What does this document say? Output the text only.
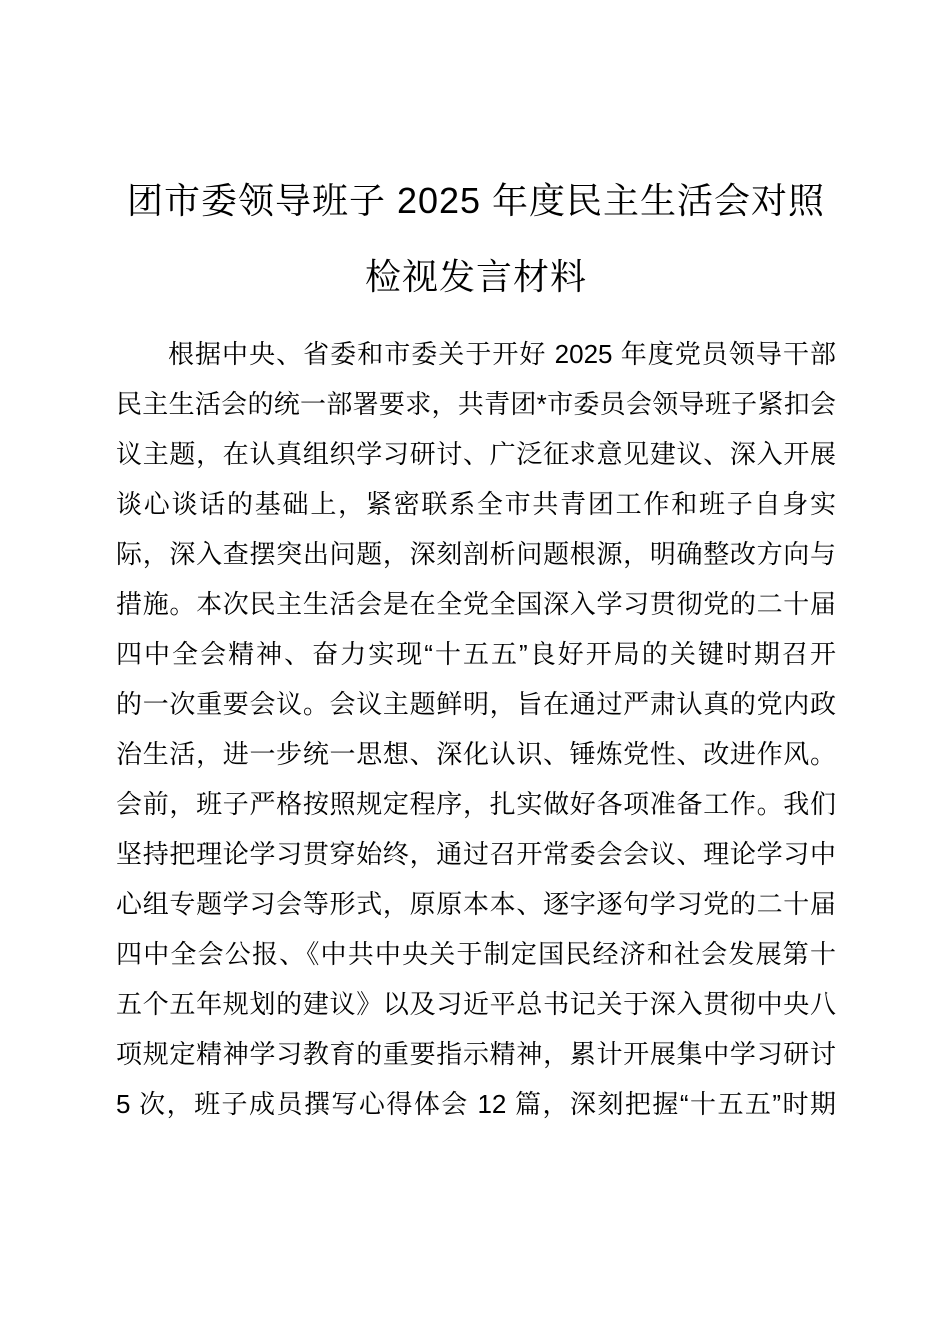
团市委领导班子 2025 年度民主生活会对照
检视发言材料
根据中央、省委和市委关于开好 2025 年度党员领导干部
民主生活会的统一部署要求，共青团*市委员会领导班子紧扣会
议主题，在认真组织学习研讨、广泛征求意见建议、深入开展
谈心谈话的基础上，紧密联系全市共青团工作和班子自身实
际，深入查摆突出问题，深刻剖析问题根源，明确整改方向与
措施。本次民主生活会是在全党全国深入学习贯彻党的二十届
四中全会精神、奋力实现“十五五”良好开局的关键时期召开
的一次重要会议。会议主题鲜明，旨在通过严肃认真的党内政
治生活，进一步统一思想、深化认识、锤炼党性、改进作风。
会前，班子严格按照规定程序，扎实做好各项准备工作。我们
坚持把理论学习贯穿始终，通过召开常委会会议、理论学习中
心组专题学习会等形式，原原本本、逐字逐句学习党的二十届
四中全会公报、《中共中央关于制定国民经济和社会发展第十
五个五年规划的建议》以及习近平总书记关于深入贯彻中央八
项规定精神学习教育的重要指示精神，累计开展集中学习研讨
5 次，班子成员撰写心得体会 12 篇，深刻把握“十五五”时期
